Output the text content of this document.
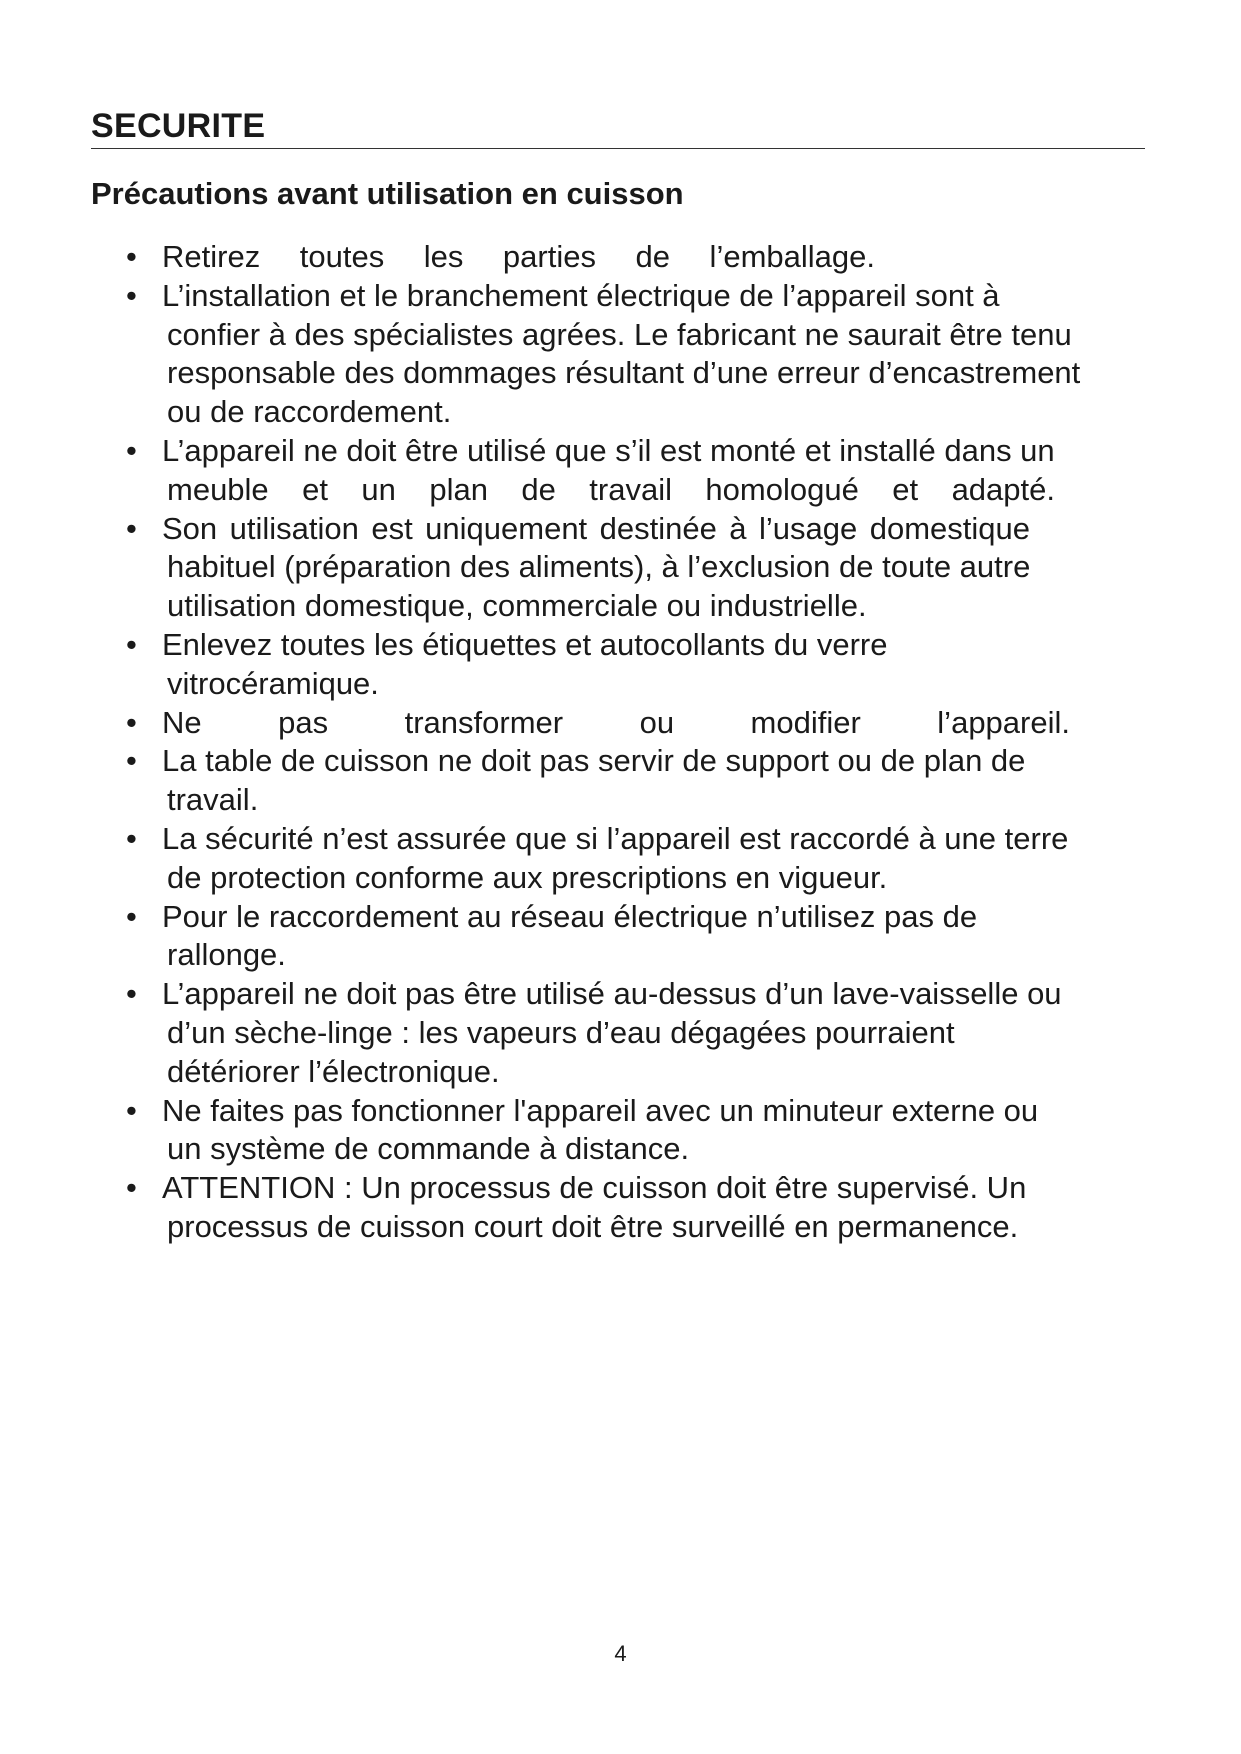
SECURITE
Précautions avant utilisation en cuisson
• Retirez toutes les parties de l’emballage.
• L’installation et le branchement électrique de l’appareil sont à
confier à des spécialistes agrées. Le fabricant ne saurait être tenu
responsable des dommages résultant d’une erreur d’encastrement
ou de raccordement.
• L’appareil ne doit être utilisé que s’il est monté et installé dans un
meuble et un plan de travail homologué et adapté.
• Son utilisation est uniquement destinée à l’usage domestique
habituel (préparation des aliments), à l’exclusion de toute autre
utilisation domestique, commerciale ou industrielle.
• Enlevez toutes les étiquettes et autocollants du verre
vitrocéramique.
• Ne pas transformer ou modifier l’appareil.
• La table de cuisson ne doit pas servir de support ou de plan de
travail.
• La sécurité n’est assurée que si l’appareil est raccordé à une terre
de protection conforme aux prescriptions en vigueur.
• Pour le raccordement au réseau électrique n’utilisez pas de
rallonge.
• L’appareil ne doit pas être utilisé au-dessus d’un lave-vaisselle ou
d’un sèche-linge : les vapeurs d’eau dégagées pourraient
détériorer l’électronique.
• Ne faites pas fonctionner l'appareil avec un minuteur externe ou
un système de commande à distance.
• ATTENTION : Un processus de cuisson doit être supervisé. Un
processus de cuisson court doit être surveillé en permanence.
4
